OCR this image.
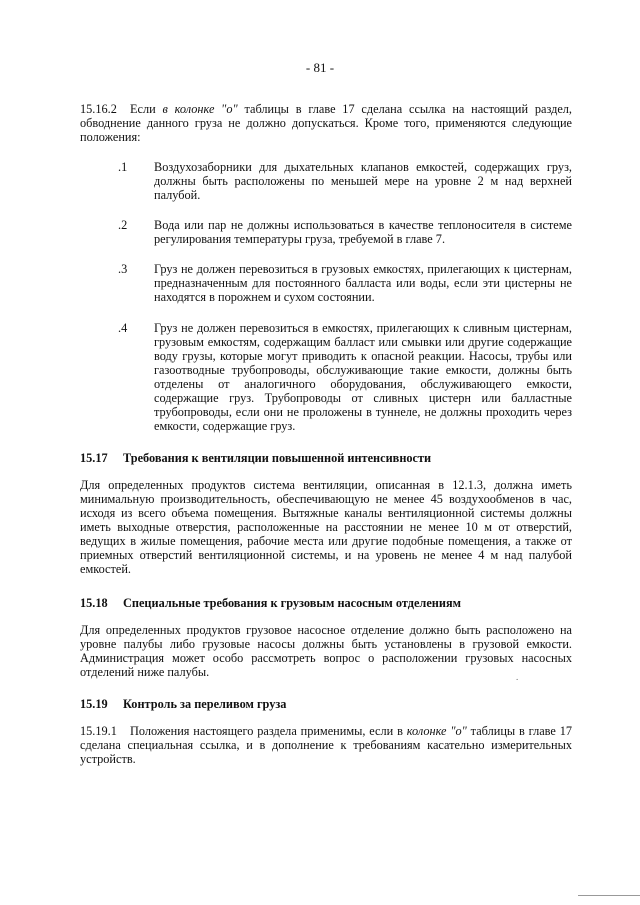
- 81 -

15.16.2 Если в колонке "о" таблицы в главе 17 сделана ссылка на настоящий раздел, обводнение данного груза не должно допускаться. Кроме того, применяются следующие положения:

.1 Воздухозаборники для дыхательных клапанов емкостей, содержащих груз, должны быть расположены по меньшей мере на уровне 2 м над верхней палубой.

.2 Вода или пар не должны использоваться в качестве теплоносителя в системе регулирования температуры груза, требуемой в главе 7.

.3 Груз не должен перевозиться в грузовых емкостях, прилегающих к цистернам, предназначенным для постоянного балласта или воды, если эти цистерны не находятся в порожнем и сухом состоянии.

.4 Груз не должен перевозиться в емкостях, прилегающих к сливным цистернам, грузовым емкостям, содержащим балласт или смывки или другие содержащие воду грузы, которые могут приводить к опасной реакции. Насосы, трубы или газоотводные трубопроводы, обслуживающие такие емкости, должны быть отделены от аналогичного оборудования, обслуживающего емкости, содержащие груз. Трубопроводы от сливных цистерн или балластные трубопроводы, если они не проложены в туннеле, не должны проходить через емкости, содержащие груз.

15.17 Требования к вентиляции повышенной интенсивности

Для определенных продуктов система вентиляции, описанная в 12.1.3, должна иметь минимальную производительность, обеспечивающую не менее 45 воздухообменов в час, исходя из всего объема помещения. Вытяжные каналы вентиляционной системы должны иметь выходные отверстия, расположенные на расстоянии не менее 10 м от отверстий, ведущих в жилые помещения, рабочие места или другие подобные помещения, а также от приемных отверстий вентиляционной системы, и на уровень не менее 4 м над палубой емкостей.

15.18 Специальные требования к грузовым насосным отделениям

Для определенных продуктов грузовое насосное отделение должно быть расположено на уровне палубы либо грузовые насосы должны быть установлены в грузовой емкости. Администрация может особо рассмотреть вопрос о расположении грузовых насосных отделений ниже палубы.

15.19 Контроль за переливом груза

15.19.1 Положения настоящего раздела применимы, если в колонке "о" таблицы в главе 17 сделана специальная ссылка, и в дополнение к требованиям касательно измерительных устройств.

.
